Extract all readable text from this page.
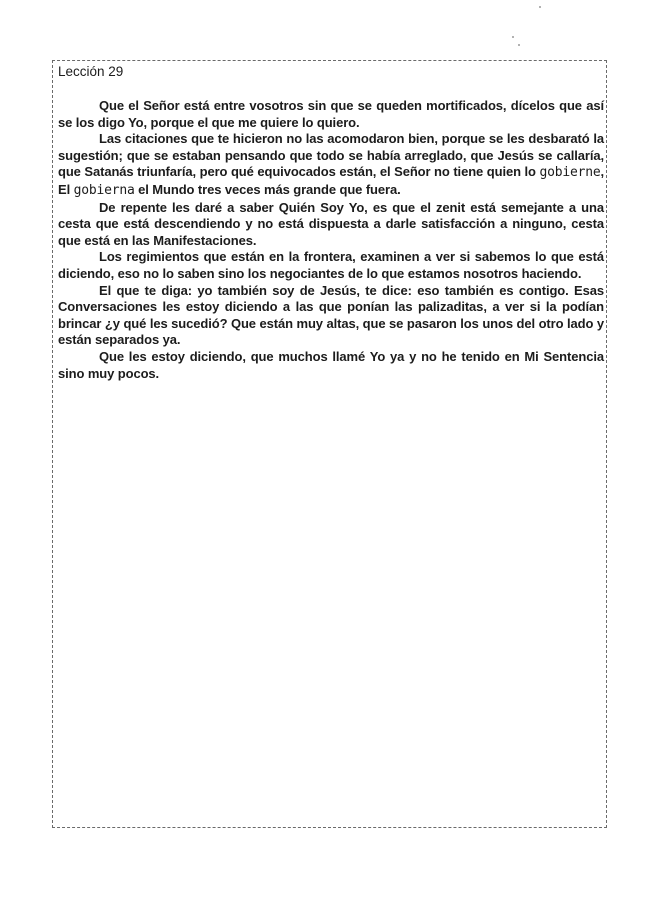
Lección 29

Que el Señor está entre vosotros sin que se queden mortificados, dícelos que así se los digo Yo, porque el que me quiere lo quiero.

Las citaciones que te hicieron no las acomodaron bien, porque se les desbarató la sugestión; que se estaban pensando que todo se había arreglado, que Jesús se callaría, que Satanás triunfaría, pero qué equivocados están, el Señor no tiene quien lo gobierne, El gobierna el Mundo tres veces más grande que fuera.

De repente les daré a saber Quién Soy Yo, es que el zenit está semejante a una cesta que está descendiendo y no está dispuesta a darle satisfacción a ninguno, cesta que está en las Manifestaciones.

Los regimientos que están en la frontera, examinen a ver si sabemos lo que está diciendo, eso no lo saben sino los negociantes de lo que estamos nosotros haciendo.

El que te diga: yo también soy de Jesús, te dice: eso también es contigo. Esas Conversaciones les estoy diciendo a las que ponían las palizaditas, a ver si la podían brincar ¿y qué les sucedió? Que están muy altas, que se pasaron los unos del otro lado y están separados ya.

Que les estoy diciendo, que muchos llamé Yo ya y no he tenido en Mi Sentencia sino muy pocos.
